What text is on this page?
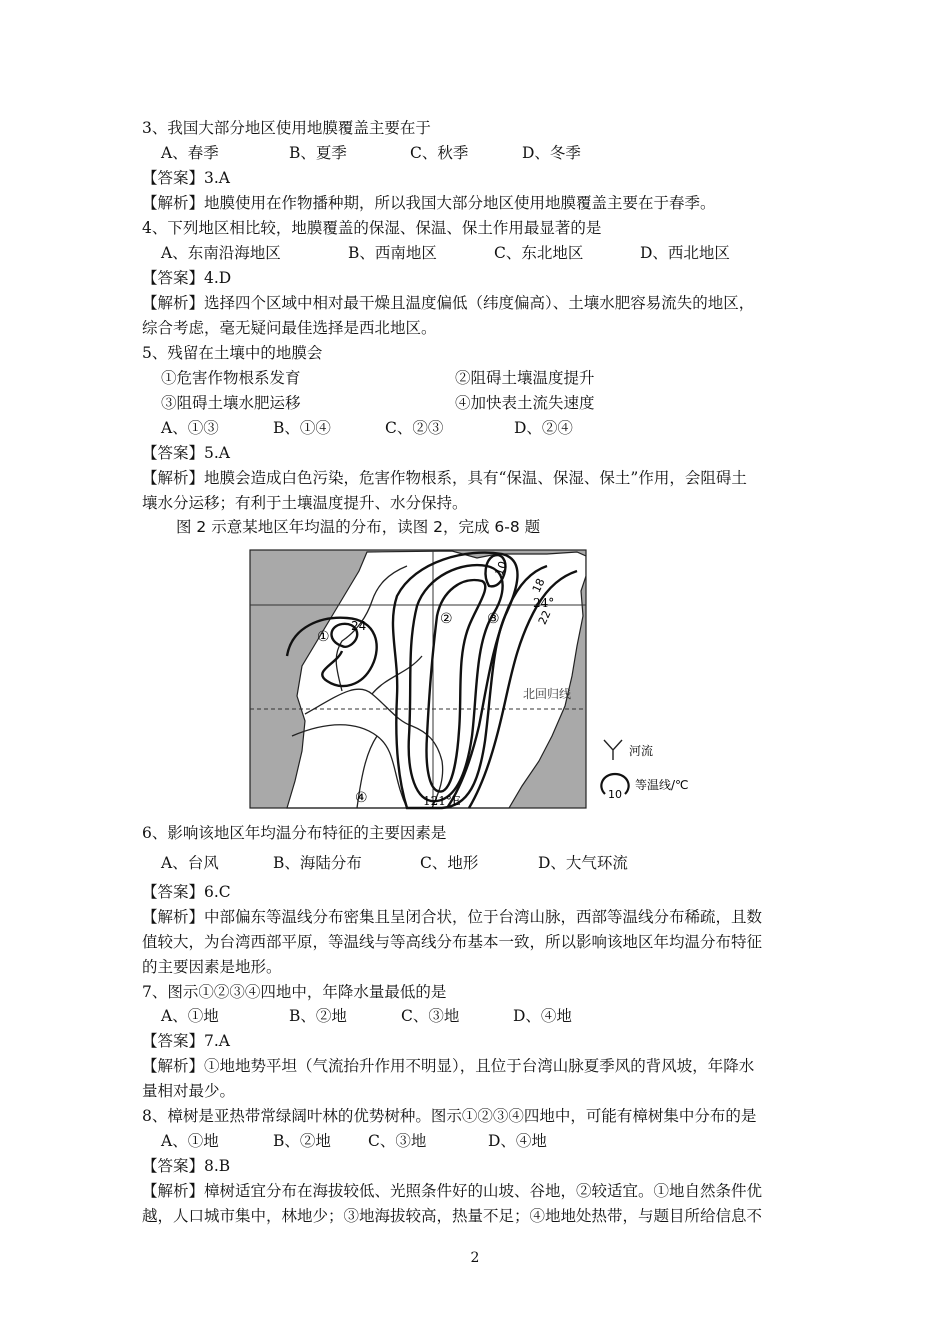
3、我国大部分地区使用地膜覆盖主要在于
A、春季	B、夏季	C、秋季	D、冬季
【答案】3.A
【解析】地膜使用在作物播种期，所以我国大部分地区使用地膜覆盖主要在于春季。
4、下列地区相比较，地膜覆盖的保湿、保温、保土作用最显著的是
A、东南沿海地区	B、西南地区	C、东北地区	D、西北地区
【答案】4.D
【解析】选择四个区域中相对最干燥且温度偏低（纬度偏高）、土壤水肥容易流失的地区，
综合考虑，毫无疑问最佳选择是西北地区。
5、残留在土壤中的地膜会
①危害作物根系发育	②阻碍土壤温度提升
③阻碍土壤水肥运移	④加快表土流失速度
A、①③	B、①④	C、②③	D、②④
【答案】5.A
【解析】地膜会造成白色污染，危害作物根系，具有“保温、保湿、保土”作用，会阻碍土
壤水分运移；有利于土壤温度提升、水分保持。
图 2 示意某地区年均温的分布，读图 2，完成 6-8 题
10
18
22
24
①
② ③
④
24°
北回归线
121°E
河流
10
等温线/℃
6、影响该地区年均温分布特征的主要因素是
A、台风	B、海陆分布	C、地形	D、大气环流
【答案】6.C
【解析】中部偏东等温线分布密集且呈闭合状，位于台湾山脉，西部等温线分布稀疏，且数
值较大，为台湾西部平原，等温线与等高线分布基本一致，所以影响该地区年均温分布特征
的主要因素是地形。
7、图示①②③④四地中，年降水量最低的是
A、①地	B、②地	C、③地	D、④地
【答案】7.A
【解析】①地地势平坦（气流抬升作用不明显），且位于台湾山脉夏季风的背风坡，年降水
量相对最少。
8、樟树是亚热带常绿阔叶林的优势树种。图示①②③④四地中，可能有樟树集中分布的是
A、①地	B、②地 C、③地	D、④地
【答案】8.B
【解析】樟树适宜分布在海拔较低、光照条件好的山坡、谷地，②较适宜。①地自然条件优
越，人口城市集中，林地少；③地海拔较高，热量不足；④地地处热带，与题目所给信息不
2
